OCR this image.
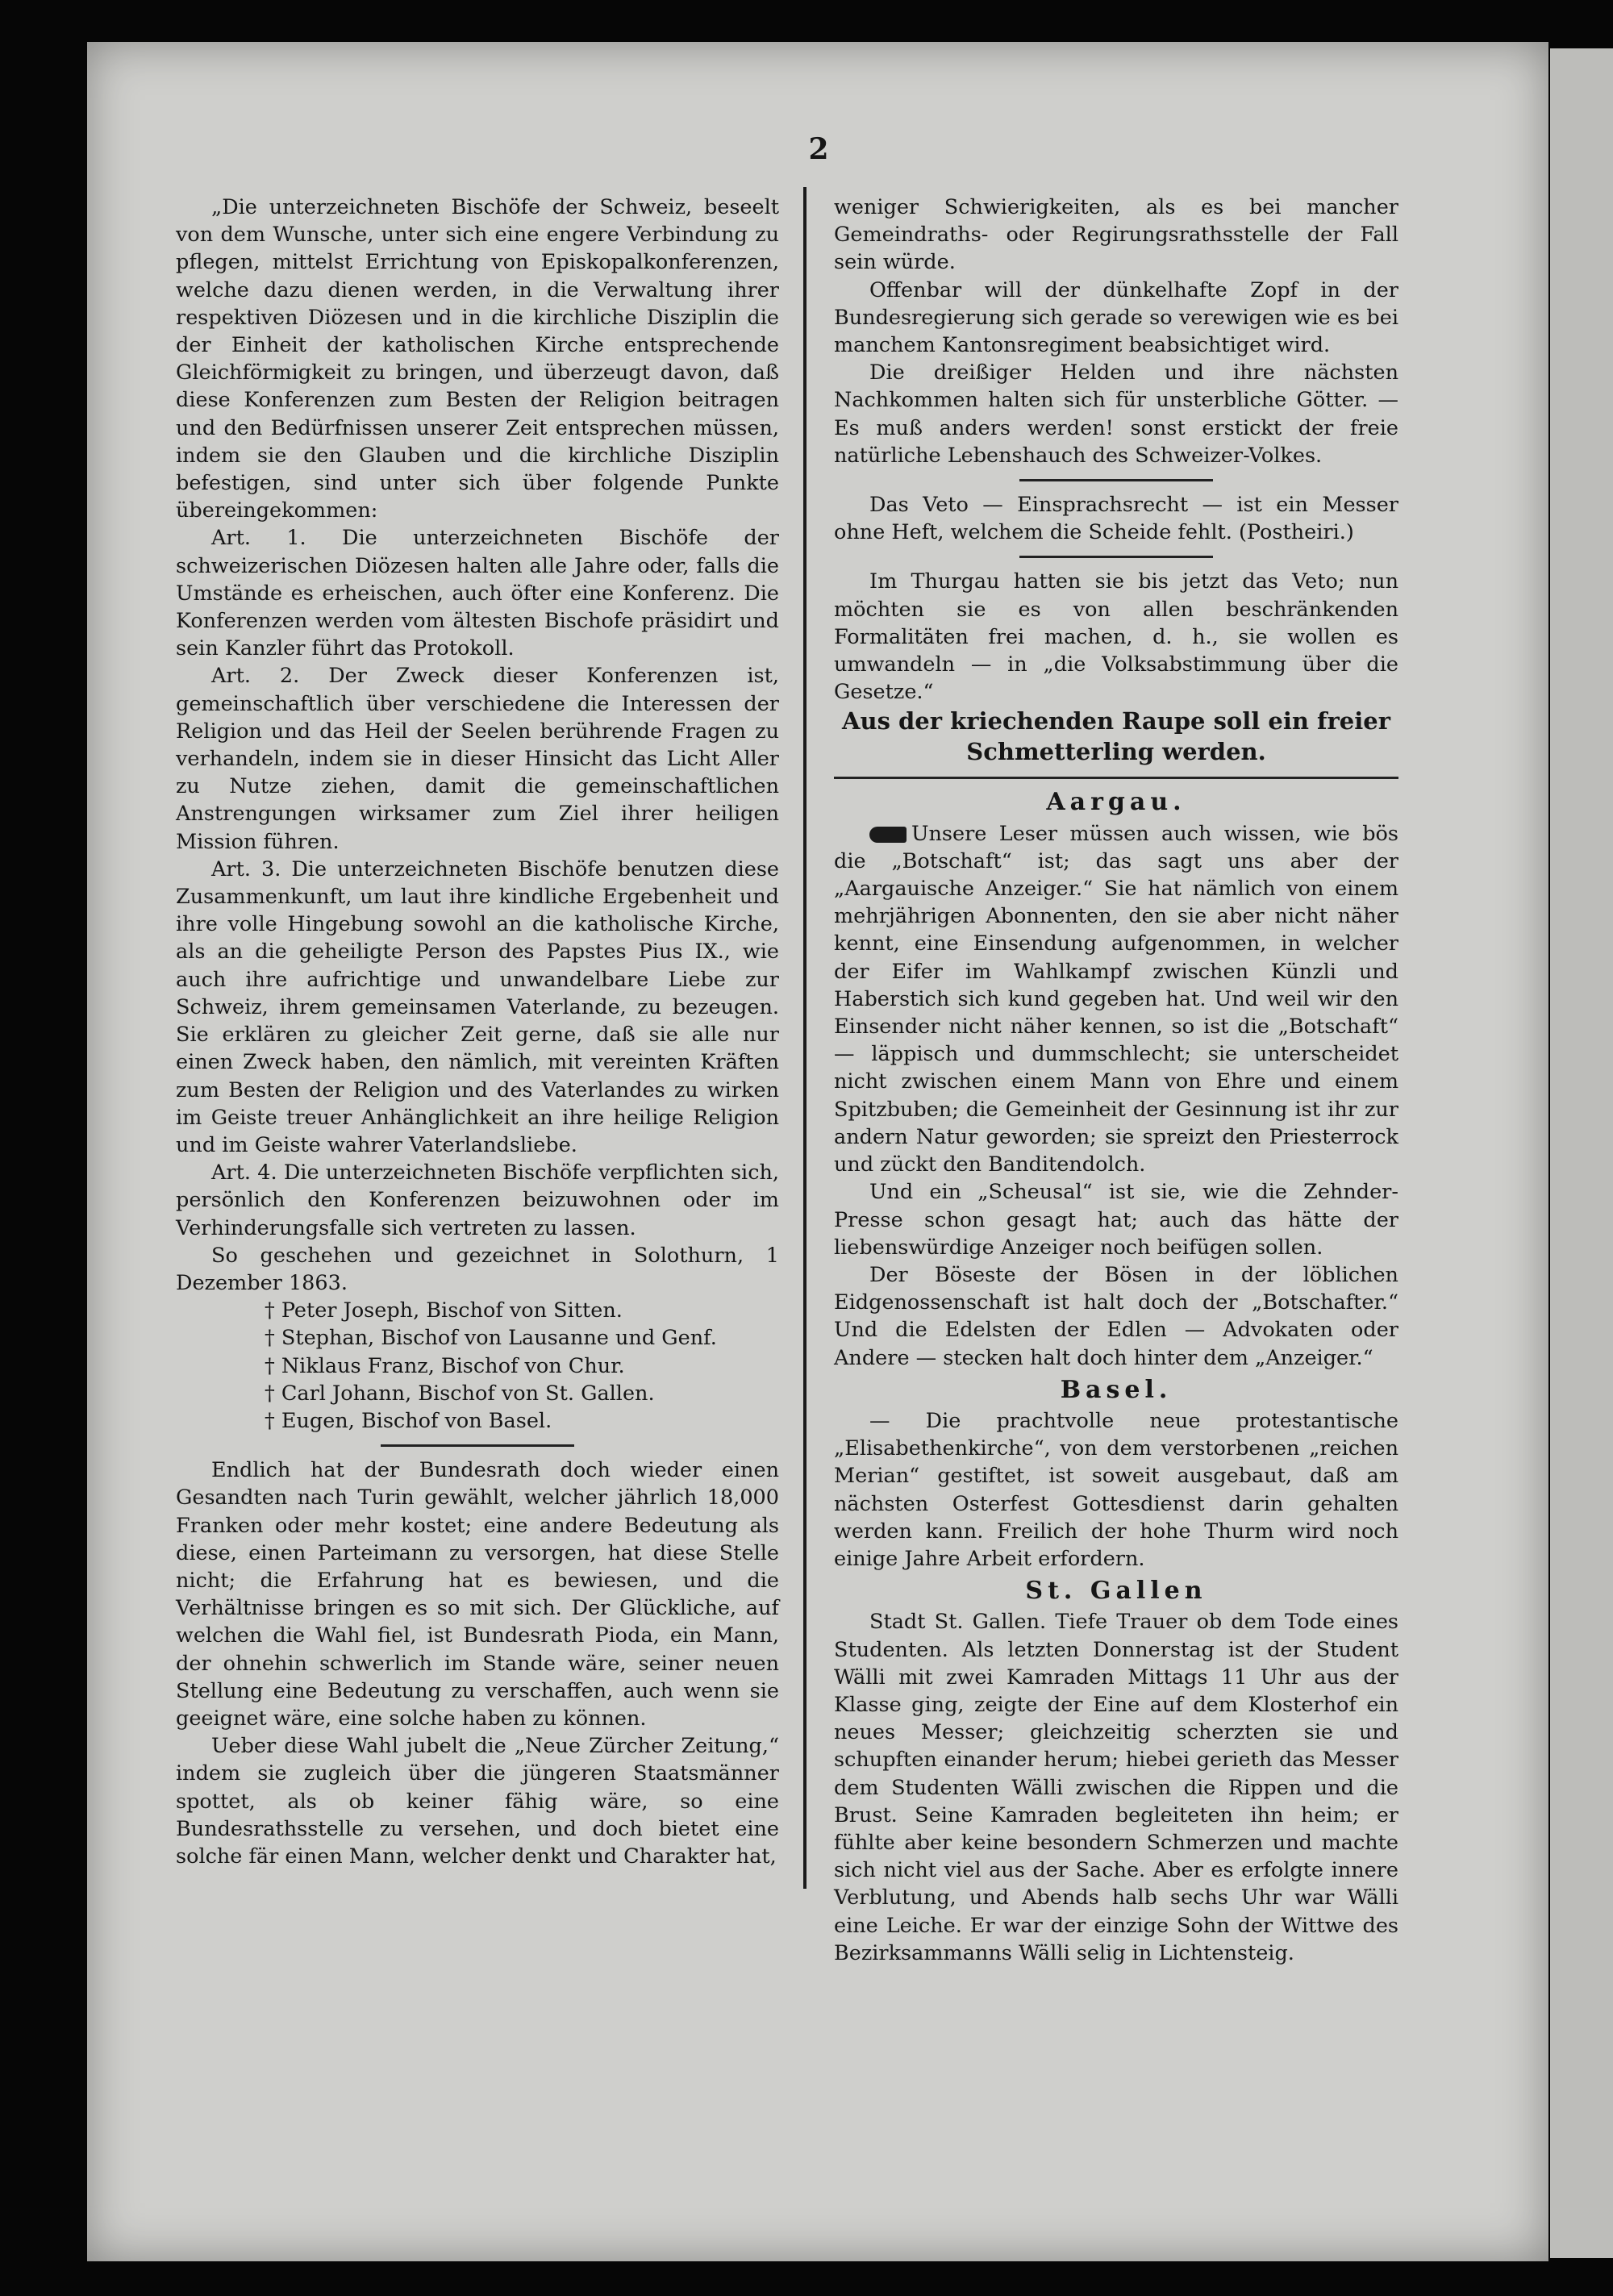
2

„Die unterzeichneten Bischöfe der Schweiz, beseelt von dem Wunsche, unter sich eine engere Verbindung zu pflegen, mittelst Errichtung von Episkopalkonferenzen, welche dazu dienen werden, in die Verwaltung ihrer respektiven Diözesen und in die kirchliche Disziplin die der Einheit der katholischen Kirche entsprechende Gleichförmigkeit zu bringen, und überzeugt davon, daß diese Konferenzen zum Besten der Religion beitragen und den Bedürfnissen unserer Zeit entsprechen müssen, indem sie den Glauben und die kirchliche Disziplin befestigen, sind unter sich über folgende Punkte übereingekommen:

Art. 1. Die unterzeichneten Bischöfe der schweizerischen Diözesen halten alle Jahre oder, falls die Umstände es erheischen, auch öfter eine Konferenz. Die Konferenzen werden vom ältesten Bischofe präsidirt und sein Kanzler führt das Protokoll.

Art. 2. Der Zweck dieser Konferenzen ist, gemeinschaftlich über verschiedene die Interessen der Religion und das Heil der Seelen berührende Fragen zu verhandeln, indem sie in dieser Hinsicht das Licht Aller zu Nutze ziehen, damit die gemeinschaftlichen Anstrengungen wirksamer zum Ziel ihrer heiligen Mission führen.

Art. 3. Die unterzeichneten Bischöfe benutzen diese Zusammenkunft, um laut ihre kindliche Ergebenheit und ihre volle Hingebung sowohl an die katholische Kirche, als an die geheiligte Person des Papstes Pius IX., wie auch ihre aufrichtige und unwandelbare Liebe zur Schweiz, ihrem gemeinsamen Vaterlande, zu bezeugen. Sie erklären zu gleicher Zeit gerne, daß sie alle nur einen Zweck haben, den nämlich, mit vereinten Kräften zum Besten der Religion und des Vaterlandes zu wirken im Geiste treuer Anhänglichkeit an ihre heilige Religion und im Geiste wahrer Vaterlandsliebe.

Art. 4. Die unterzeichneten Bischöfe verpflichten sich, persönlich den Konferenzen beizuwohnen oder im Verhinderungsfalle sich vertreten zu lassen.

So geschehen und gezeichnet in Solothurn, 1 Dezember 1863.

† Peter Joseph, Bischof von Sitten.

† Stephan, Bischof von Lausanne und Genf.

† Niklaus Franz, Bischof von Chur.

† Carl Johann, Bischof von St. Gallen.

† Eugen, Bischof von Basel.

Endlich hat der Bundesrath doch wieder einen Gesandten nach Turin gewählt, welcher jährlich 18,000 Franken oder mehr kostet; eine andere Bedeutung als diese, einen Parteimann zu versorgen, hat diese Stelle nicht; die Erfahrung hat es bewiesen, und die Verhältnisse bringen es so mit sich. Der Glückliche, auf welchen die Wahl fiel, ist Bundesrath Pioda, ein Mann, der ohnehin schwerlich im Stande wäre, seiner neuen Stellung eine Bedeutung zu verschaffen, auch wenn sie geeignet wäre, eine solche haben zu können.

Ueber diese Wahl jubelt die „Neue Zürcher Zeitung,“ indem sie zugleich über die jüngeren Staatsmänner spottet, als ob keiner fähig wäre, so eine Bundesrathsstelle zu versehen, und doch bietet eine solche fär einen Mann, welcher denkt und Charakter hat,

weniger Schwierigkeiten, als es bei mancher Gemeindraths- oder Regirungsrathsstelle der Fall sein würde.

Offenbar will der dünkelhafte Zopf in der Bundesregierung sich gerade so verewigen wie es bei manchem Kantonsregiment beabsichtiget wird.

Die dreißiger Helden und ihre nächsten Nachkommen halten sich für unsterbliche Götter. — Es muß anders werden! sonst erstickt der freie natürliche Lebenshauch des Schweizer-Volkes.

Das Veto — Einsprachsrecht — ist ein Messer ohne Heft, welchem die Scheide fehlt. (Postheiri.)

Im Thurgau hatten sie bis jetzt das Veto; nun möchten sie es von allen beschränkenden Formalitäten frei machen, d. h., sie wollen es umwandeln — in „die Volksabstimmung über die Gesetze.“

Aus der kriechenden Raupe soll ein freier Schmetterling werden.

Aargau.

Unsere Leser müssen auch wissen, wie bös die „Botschaft“ ist; das sagt uns aber der „Aargauische Anzeiger.“ Sie hat nämlich von einem mehrjährigen Abonnenten, den sie aber nicht näher kennt, eine Einsendung aufgenommen, in welcher der Eifer im Wahlkampf zwischen Künzli und Haberstich sich kund gegeben hat. Und weil wir den Einsender nicht näher kennen, so ist die „Botschaft“ — läppisch und dummschlecht; sie unterscheidet nicht zwischen einem Mann von Ehre und einem Spitzbuben; die Gemeinheit der Gesinnung ist ihr zur andern Natur geworden; sie spreizt den Priesterrock und zückt den Banditendolch.

Und ein „Scheusal“ ist sie, wie die Zehnder-Presse schon gesagt hat; auch das hätte der liebenswürdige Anzeiger noch beifügen sollen.

Der Böseste der Bösen in der löblichen Eidgenossenschaft ist halt doch der „Botschafter.“ Und die Edelsten der Edlen — Advokaten oder Andere — stecken halt doch hinter dem „Anzeiger.“

Basel.

— Die prachtvolle neue protestantische „Elisabethenkirche“, von dem verstorbenen „reichen Merian“ gestiftet, ist soweit ausgebaut, daß am nächsten Osterfest Gottesdienst darin gehalten werden kann. Freilich der hohe Thurm wird noch einige Jahre Arbeit erfordern.

St. Gallen

Stadt St. Gallen. Tiefe Trauer ob dem Tode eines Studenten. Als letzten Donnerstag ist der Student Wälli mit zwei Kamraden Mittags 11 Uhr aus der Klasse ging, zeigte der Eine auf dem Klosterhof ein neues Messer; gleichzeitig scherzten sie und schupften einander herum; hiebei gerieth das Messer dem Studenten Wälli zwischen die Rippen und die Brust. Seine Kamraden begleiteten ihn heim; er fühlte aber keine besondern Schmerzen und machte sich nicht viel aus der Sache. Aber es erfolgte innere Verblutung, und Abends halb sechs Uhr war Wälli eine Leiche. Er war der einzige Sohn der Wittwe des Bezirksammanns Wälli selig in Lichtensteig.
